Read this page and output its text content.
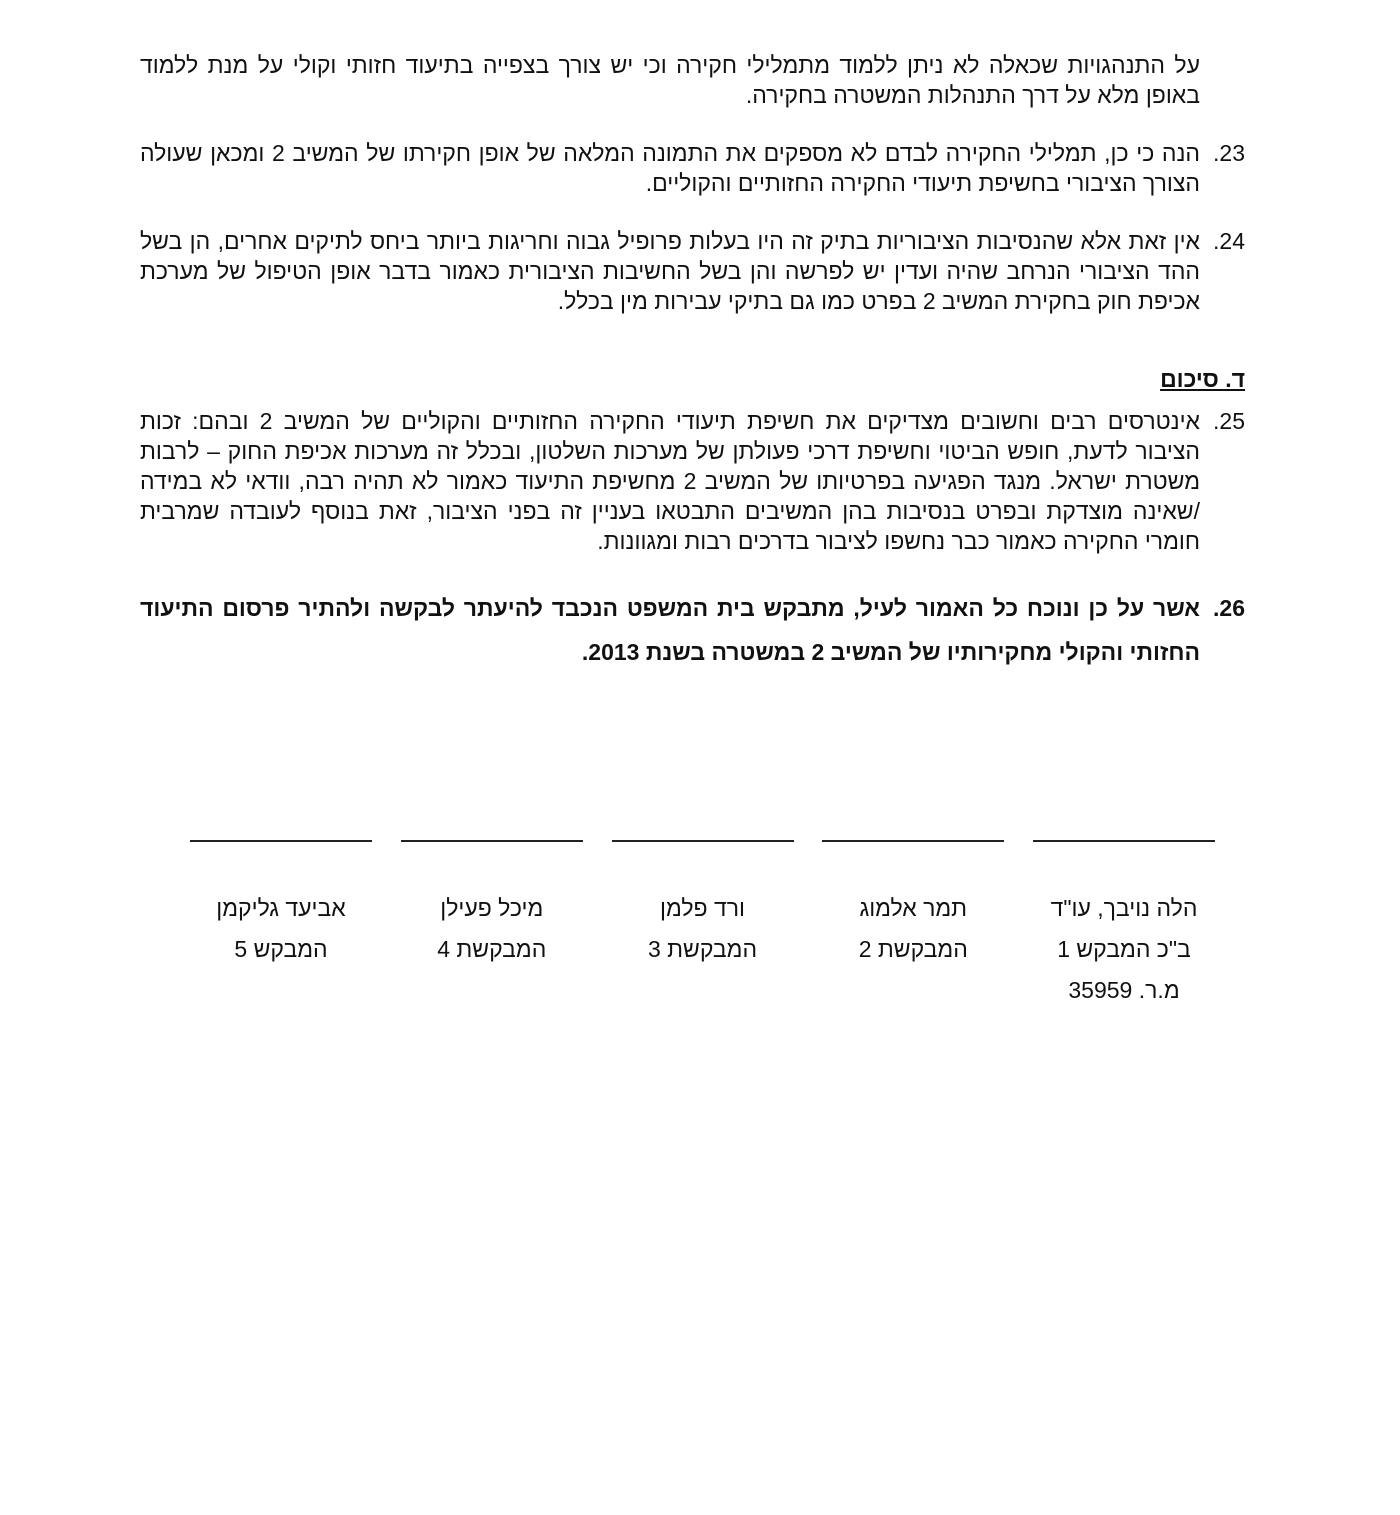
על התנהגויות שכאלה לא ניתן ללמוד מתמלילי חקירה וכי יש צורך בצפייה בתיעוד חזותי וקולי על מנת ללמוד באופן מלא על דרך התנהלות המשטרה בחקירה.

23.
הנה כי כן, תמלילי החקירה לבדם לא מספקים את התמונה המלאה של אופן חקירתו של המשיב 2 ומכאן שעולה הצורך הציבורי בחשיפת תיעודי החקירה החזותיים והקוליים.

24.
אין זאת אלא שהנסיבות הציבוריות בתיק זה היו בעלות פרופיל גבוה וחריגות ביותר ביחס לתיקים אחרים, הן בשל ההד הציבורי הנרחב שהיה ועדין יש לפרשה והן בשל החשיבות הציבורית כאמור בדבר אופן הטיפול של מערכת אכיפת חוק בחקירת המשיב 2 בפרט כמו גם בתיקי עבירות מין בכלל.

ד. סיכום

25.
אינטרסים רבים וחשובים מצדיקים את חשיפת תיעודי החקירה החזותיים והקוליים של המשיב 2 ובהם: זכות הציבור לדעת, חופש הביטוי וחשיפת דרכי פעולתן של מערכות השלטון, ובכלל זה מערכות אכיפת החוק – לרבות משטרת ישראל. מנגד הפגיעה בפרטיותו של המשיב 2 מחשיפת התיעוד כאמור לא תהיה רבה, וודאי לא במידה /שאינה מוצדקת ובפרט בנסיבות בהן המשיבים התבטאו בעניין זה בפני הציבור, זאת בנוסף לעובדה שמרבית חומרי החקירה כאמור כבר נחשפו לציבור בדרכים רבות ומגוונות.

26.
אשר על כן ונוכח כל האמור לעיל, מתבקש בית המשפט הנכבד להיעתר לבקשה ולהתיר פרסום התיעוד החזותי והקולי מחקירותיו של המשיב 2 במשטרה בשנת 2013.

הלה נויבך, עו"ד
ב"כ המבקש 1
מ.ר. 35959
תמר אלמוג
המבקשת 2
ורד פלמן
המבקשת 3
מיכל פעילן
המבקשת 4
אביעד גליקמן
המבקש 5
